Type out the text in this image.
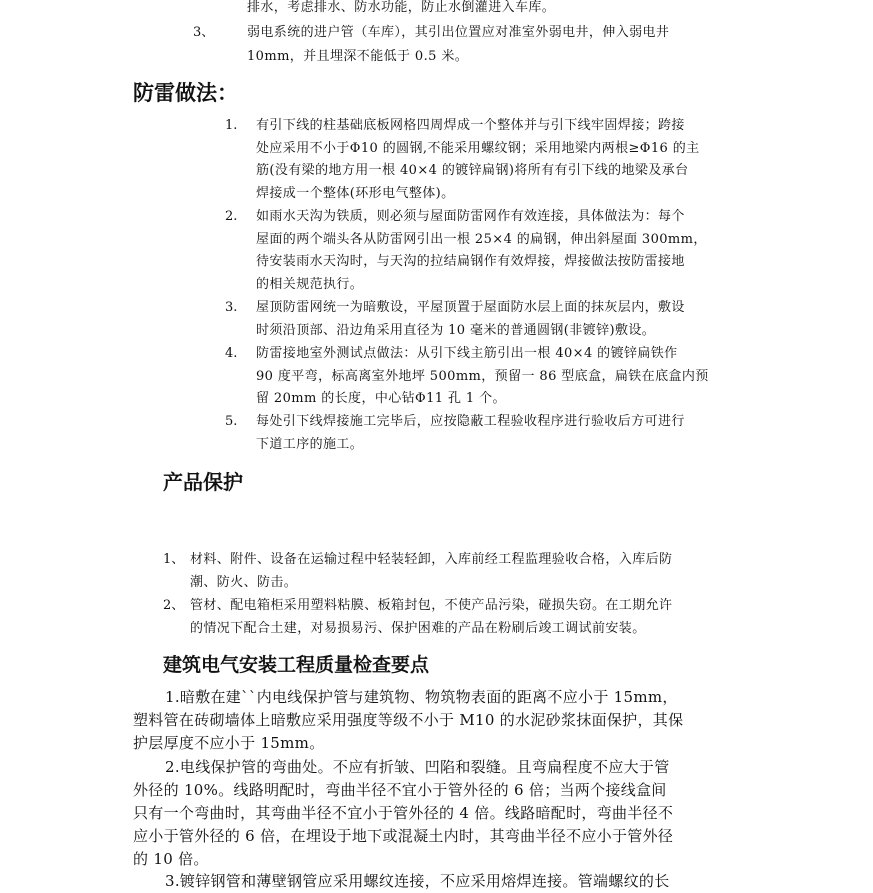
排水，考虑排水、防水功能，防止水倒灌进入车库。
3、	弱电系统的进户管（车库），其引出位置应对准室外弱电井，伸入弱电井
10mm，并且埋深不能低于 0.5 米。
防雷做法：
1. 有引下线的柱基础底板网格四周焊成一个整体并与引下线牢固焊接；跨接
处应采用不小于Φ10 的圆钢,不能采用螺纹钢；采用地梁内两根≥Φ16 的主
筋(没有梁的地方用一根 40×4 的镀锌扁钢)将所有有引下线的地梁及承台
焊接成一个整体(环形电气整体)。
2. 如雨水天沟为铁质，则必须与屋面防雷网作有效连接，具体做法为：每个
屋面的两个端头各从防雷网引出一根 25×4 的扁钢，伸出斜屋面 300mm，
待安装雨水天沟时，与天沟的拉结扁钢作有效焊接，焊接做法按防雷接地
的相关规范执行。
3. 屋顶防雷网统一为暗敷设，平屋顶置于屋面防水层上面的抹灰层内，敷设
时须沿顶部、沿边角采用直径为 10 毫米的普通圆钢(非镀锌)敷设。
4. 防雷接地室外测试点做法：从引下线主筋引出一根 40×4 的镀锌扁铁作
90 度平弯，标高离室外地坪 500mm，预留一 86 型底盒，扁铁在底盒内预
留 20mm 的长度，中心钻Φ11 孔 1 个。
5. 每处引下线焊接施工完毕后，应按隐蔽工程验收程序进行验收后方可进行
下道工序的施工。
产品保护
1、 材料、附件、设备在运输过程中轻装轻卸，入库前经工程监理验收合格，入库后防
潮、防火、防击。
2、 管材、配电箱柜采用塑料粘膜、板箱封包，不使产品污染，碰损失窃。在工期允许
的情况下配合土建，对易损易污、保护困难的产品在粉刷后竣工调试前安装。
建筑电气安装工程质量检查要点
1.暗敷在建``内电线保护管与建筑物、物筑物表面的距离不应小于 15mm，
塑料管在砖砌墙体上暗敷应采用强度等级不小于 M10 的水泥砂浆抹面保护，其保
护层厚度不应小于 15mm。
2.电线保护管的弯曲处。不应有折皱、凹陷和裂缝。且弯扁程度不应大于管
外径的 10%。线路明配时，弯曲半径不宜小于管外径的 6 倍；当两个接线盒间
只有一个弯曲时，其弯曲半径不宜小于管外径的 4 倍。线路暗配时，弯曲半径不
应小于管外径的 6 倍，在埋设于地下或混凝土内时，其弯曲半径不应小于管外径
的 10 倍。
3.镀锌钢管和薄壁钢管应采用螺纹连接，不应采用熔焊连接。管端螺纹的长
